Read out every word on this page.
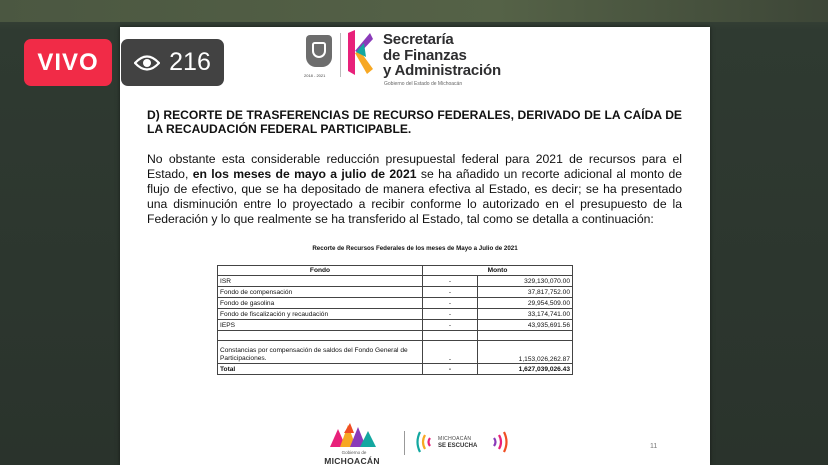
2018 - 2021
Secretaría
de Finanzas
y Administración
Gobierno del Estado de Michoacán
D) RECORTE DE TRASFERENCIAS DE RECURSO FEDERALES, DERIVADO DE LA CAÍDA DE LA RECAUDACIÓN FEDERAL PARTICIPABLE.
No obstante esta considerable reducción presupuestal federal para 2021 de recursos para el Estado, en los meses de mayo a julio de 2021 se ha añadido un recorte adicional al monto de flujo de efectivo, que se ha depositado de manera efectiva al Estado, es decir; se ha presentado una disminución entre lo proyectado a recibir conforme lo autorizado en el presupuesto de la Federación y lo que realmente se ha transferido al Estado, tal como se detalla a continuación:
Recorte de Recursos Federales de los meses de Mayo a Julio de 2021
Fondo	Monto	
ISR	-	329,130,070.00
Fondo de compensación	-	37,817,752.00
Fondo de gasolina	-	29,954,509.00
Fondo de fiscalización y recaudación	-	33,174,741.00
IEPS	-	43,935,691.56

Constancias por compensación de saldos del Fondo General de Participaciones.	-	1,153,026,262.87
Total	-	1,627,039,026.43
Gobierno de
MICHOACÁN
MICHOACÁN
SE ESCUCHA	11
VIVO	216
